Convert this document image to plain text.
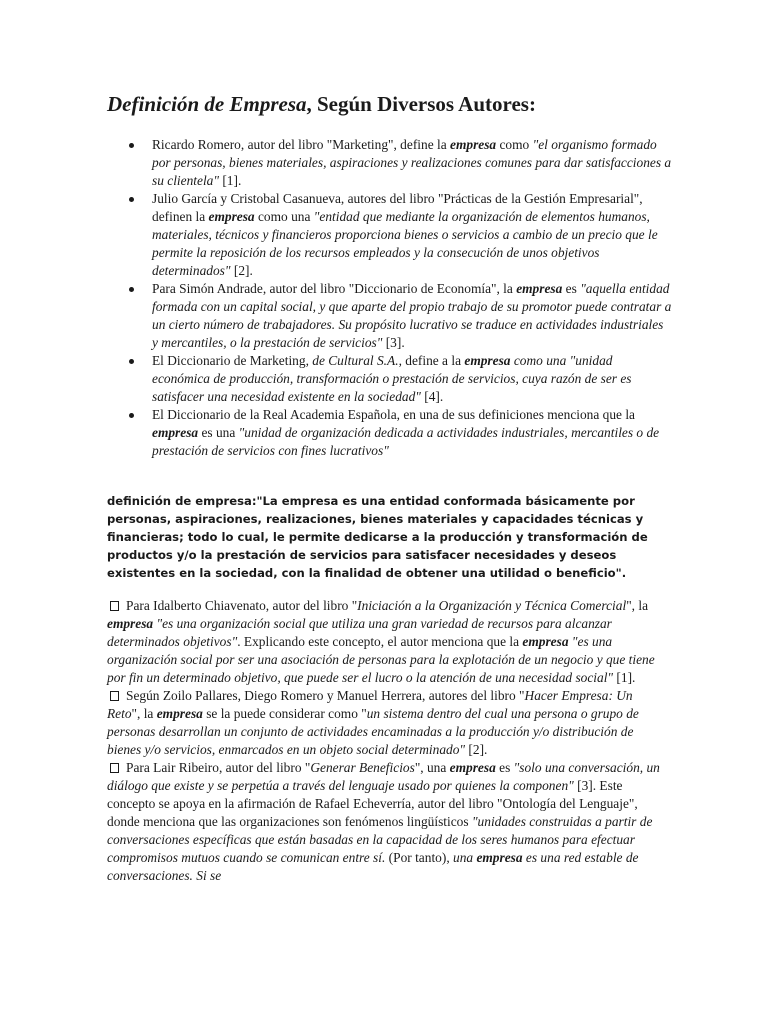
Definición de Empresa, Según Diversos Autores:
Ricardo Romero, autor del libro "Marketing", define la empresa como "el organismo formado por personas, bienes materiales, aspiraciones y realizaciones comunes para dar satisfacciones a su clientela" [1].
Julio García y Cristobal Casanueva, autores del libro "Prácticas de la Gestión Empresarial", definen la empresa como una "entidad que mediante la organización de elementos humanos, materiales, técnicos y financieros proporciona bienes o servicios a cambio de un precio que le permite la reposición de los recursos empleados y la consecución de unos objetivos determinados" [2].
Para Simón Andrade, autor del libro "Diccionario de Economía", la empresa es "aquella entidad formada con un capital social, y que aparte del propio trabajo de su promotor puede contratar a un cierto número de trabajadores. Su propósito lucrativo se traduce en actividades industriales y mercantiles, o la prestación de servicios" [3].
El Diccionario de Marketing, de Cultural S.A., define a la empresa como una "unidad económica de producción, transformación o prestación de servicios, cuya razón de ser es satisfacer una necesidad existente en la sociedad" [4].
El Diccionario de la Real Academia Española, en una de sus definiciones menciona que la empresa es una "unidad de organización dedicada a actividades industriales, mercantiles o de prestación de servicios con fines lucrativos"

definición de empresa:"La empresa es una entidad conformada básicamente por personas, aspiraciones, realizaciones, bienes materiales y capacidades técnicas y financieras; todo lo cual, le permite dedicarse a la producción y transformación de productos y/o la prestación de servicios para satisfacer necesidades y deseos existentes en la sociedad, con la finalidad de obtener una utilidad o beneficio".

Para Idalberto Chiavenato, autor del libro "Iniciación a la Organización y Técnica Comercial", la empresa "es una organización social que utiliza una gran variedad de recursos para alcanzar determinados objetivos". Explicando este concepto, el autor menciona que la empresa "es una organización social por ser una asociación de personas para la explotación de un negocio y que tiene por fin un determinado objetivo, que puede ser el lucro o la atención de una necesidad social" [1].

Según Zoilo Pallares, Diego Romero y Manuel Herrera, autores del libro "Hacer Empresa: Un Reto", la empresa se la puede considerar como "un sistema dentro del cual una persona o grupo de personas desarrollan un conjunto de actividades encaminadas a la producción y/o distribución de bienes y/o servicios, enmarcados en un objeto social determinado" [2].

Para Lair Ribeiro, autor del libro "Generar Beneficios", una empresa es "solo una conversación, un diálogo que existe y se perpetúa a través del lenguaje usado por quienes la componen" [3]. Este concepto se apoya en la afirmación de Rafael Echeverría, autor del libro "Ontología del Lenguaje", donde menciona que las organizaciones son fenómenos lingüísticos "unidades construidas a partir de conversaciones específicas que están basadas en la capacidad de los seres humanos para efectuar compromisos mutuos cuando se comunican entre sí. (Por tanto), una empresa es una red estable de conversaciones. Si se
